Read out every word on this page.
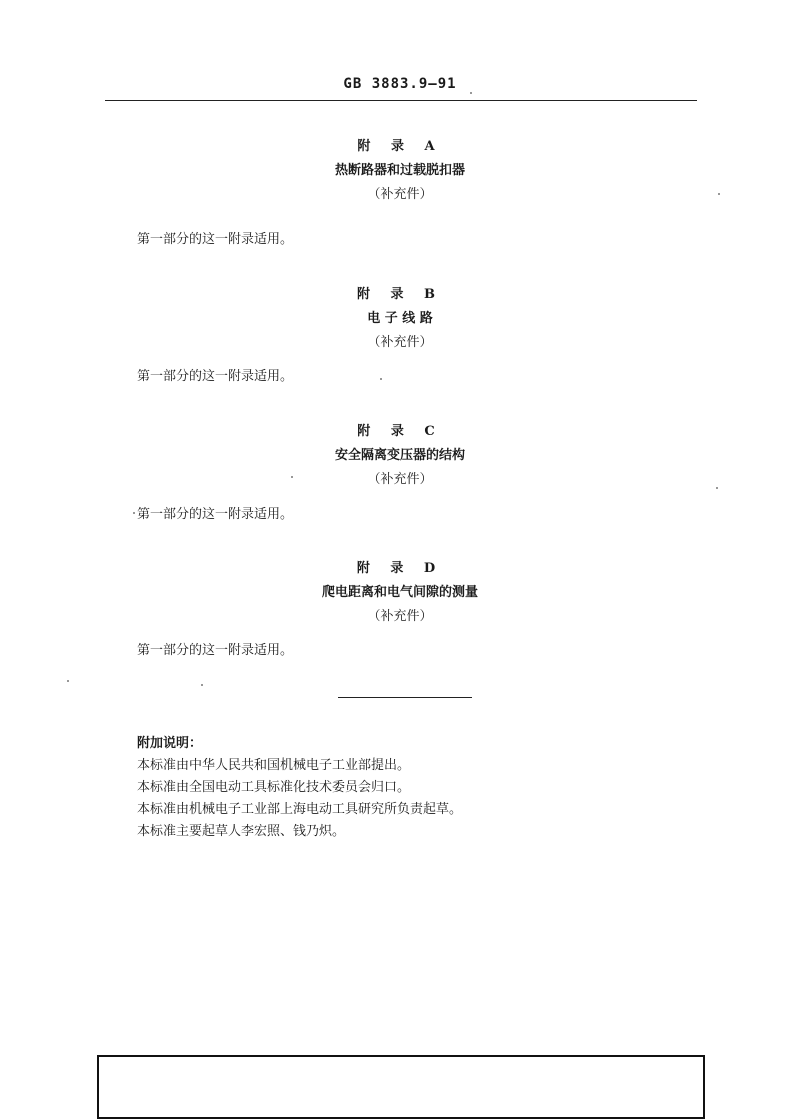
GB 3883.9—91
附 录 A
热断路器和过载脱扣器
（补充件）
第一部分的这一附录适用。
附 录 B
电 子 线 路
（补充件）
第一部分的这一附录适用。
附 录 C
安全隔离变压器的结构
（补充件）
第一部分的这一附录适用。
附 录 D
爬电距离和电气间隙的测量
（补充件）
第一部分的这一附录适用。
附加说明：
本标准由中华人民共和国机械电子工业部提出。
本标准由全国电动工具标准化技术委员会归口。
本标准由机械电子工业部上海电动工具研究所负责起草。
本标准主要起草人李宏照、钱乃炽。
